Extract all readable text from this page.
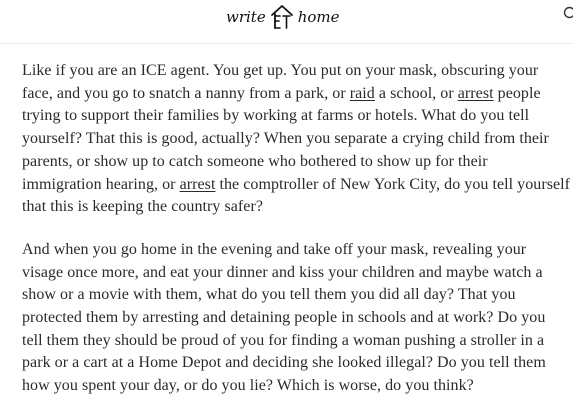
write home

Like if you are an ICE agent. You get up. You put on your mask, obscuring your face, and you go to snatch a nanny from a park, or raid a school, or arrest people trying to support their families by working at farms or hotels. What do you tell yourself? That this is good, actually? When you separate a crying child from their parents, or show up to catch someone who bothered to show up for their immigration hearing, or arrest the comptroller of New York City, do you tell yourself that this is keeping the country safer?

And when you go home in the evening and take off your mask, revealing your visage once more, and eat your dinner and kiss your children and maybe watch a show or a movie with them, what do you tell them you did all day? That you protected them by arresting and detaining people in schools and at work? Do you tell them they should be proud of you for finding a woman pushing a stroller in a park or a cart at a Home Depot and deciding she looked illegal? Do you tell them how you spent your day, or do you lie? Which is worse, do you think?
